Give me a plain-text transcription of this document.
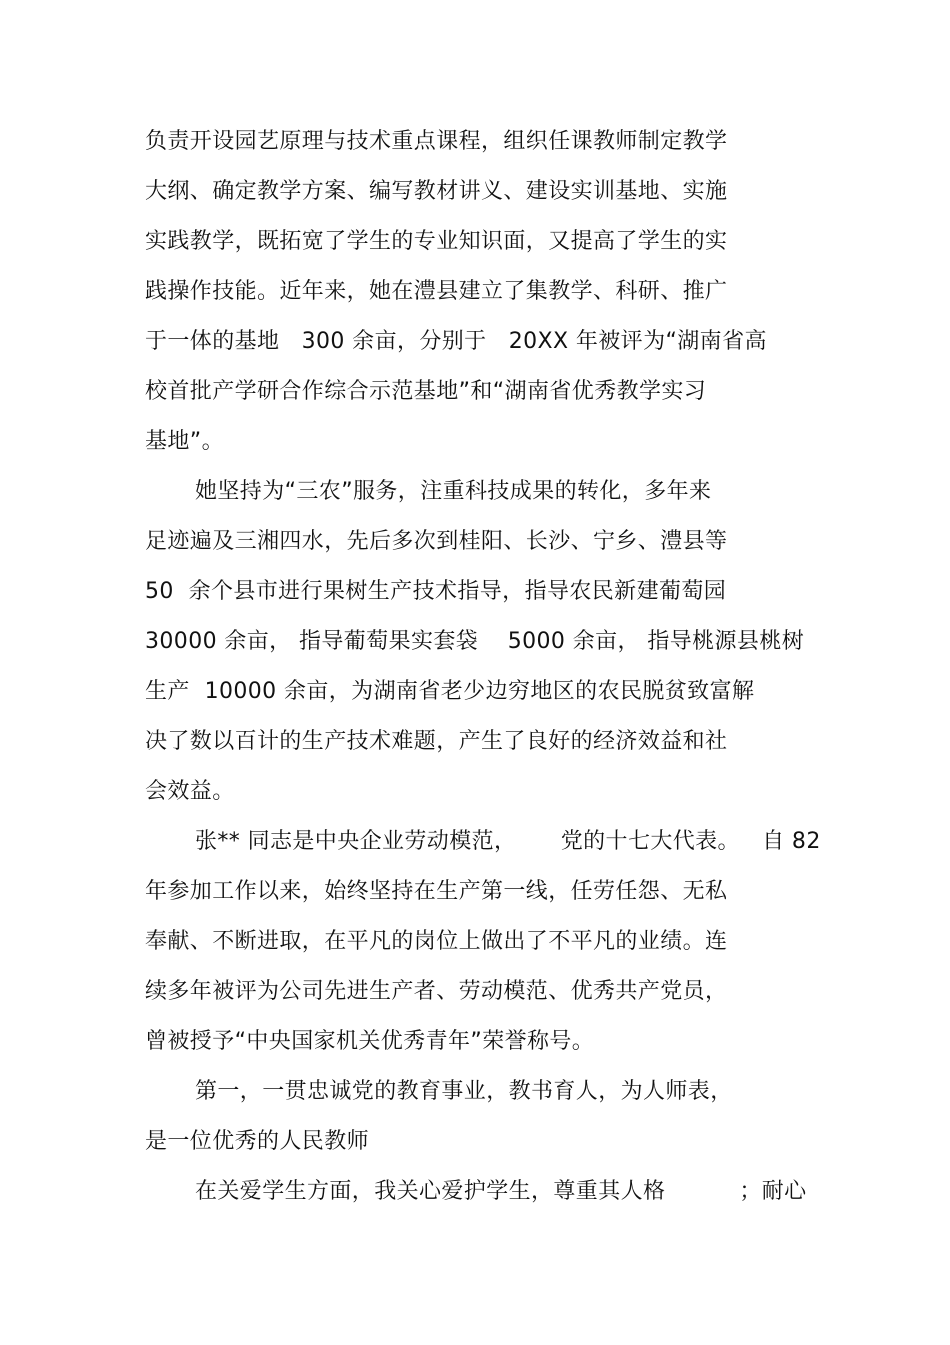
负责开设园艺原理与技术重点课程，组织任课教师制定教学
大纲、确定教学方案、编写教材讲义、建设实训基地、实施
实践教学，既拓宽了学生的专业知识面，又提高了学生的实
践操作技能。近年来，她在澧县建立了集教学、科研、推广
于一体的基地   300 余亩，分别于   20XX 年被评为“湖南省高
校首批产学研合作综合示范基地”和“湖南省优秀教学实习
基地”。
她坚持为“三农”服务，注重科技成果的转化，多年来
足迹遍及三湘四水，先后多次到桂阳、长沙、宁乡、澧县等
50  余个县市进行果树生产技术指导，指导农民新建葡萄园
30000 余亩， 指导葡萄果实套袋    5000 余亩， 指导桃源县桃树
生产  10000 余亩，为湖南省老少边穷地区的农民脱贫致富解
决了数以百计的生产技术难题，产生了良好的经济效益和社
会效益。
张** 同志是中央企业劳动模范，      党的十七大代表。   自 82
年参加工作以来，始终坚持在生产第一线，任劳任怨、无私
奉献、不断进取，在平凡的岗位上做出了不平凡的业绩。连
续多年被评为公司先进生产者、劳动模范、优秀共产党员，
曾被授予“中央国家机关优秀青年”荣誉称号。
第一，一贯忠诚党的教育事业，教书育人，为人师表，
是一位优秀的人民教师
在关爱学生方面，我关心爱护学生，尊重其人格          ；耐心
